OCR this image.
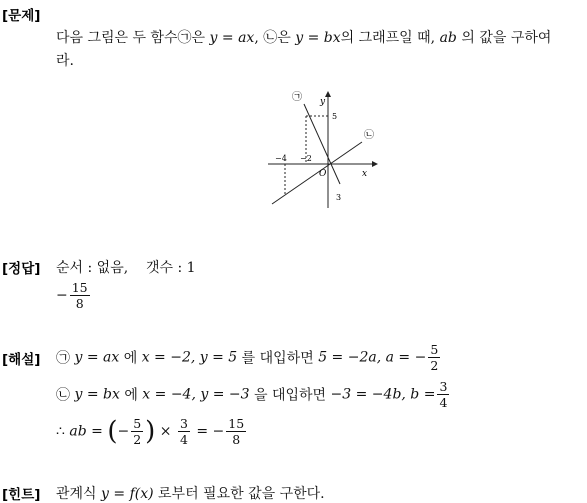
[문제]
[정답]
[해설]
[힌트]
다음 그림은 두 함수㉠은 y = ax, ㉡은 y = bx의 그래프일 때, ab 의 값을 구하여
라.
㉠
㉡
y
x
O
5
−4 −2
3
순서 : 없음, 갯수 : 1
− $\frac{15}{8}$
㉠ y = ax 에 x = −2, y = 5 를 대입하면 5 = −2a, a = − $\frac{5}{2}$
㉡ y = bx 에 x = −4, y = −3 을 대입하면 −3 = −4b, $b = \frac{3}{4}$
∴ ab = (− $\frac{5}{2}$ ) × $\frac{3}{4}$ = − $\frac{15}{8}$
관계식 y = f(x) 로부터 필요한 값을 구한다.
